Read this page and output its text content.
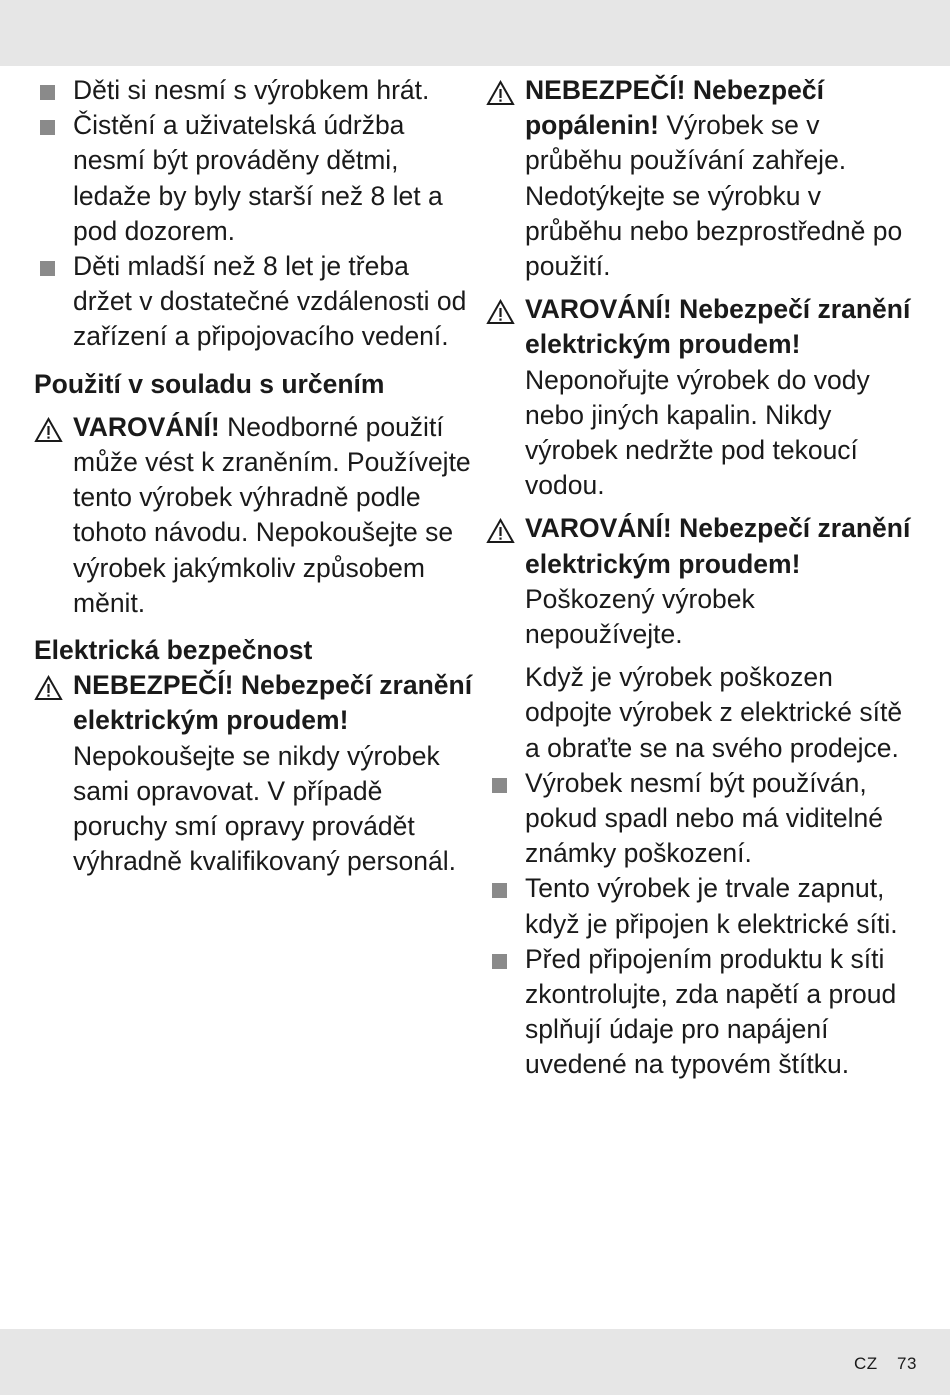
Děti si nesmí s výrobkem hrát.
Čistění a uživatelská údržba nesmí být prováděny dětmi, ledaže by byly starší než 8 let a pod dozorem.
Děti mladší než 8 let je třeba držet v dostatečné vzdálenosti od zařízení a připojovacího vedení.
Použití v souladu s určením
VAROVÁNÍ! Neodborné použití může vést k zraněním. Používejte tento výrobek výhradně podle tohoto návodu. Nepokoušejte se výrobek jakýmkoliv způsobem měnit.
Elektrická bezpečnost
NEBEZPEČÍ! Nebezpečí zranění elektrickým proudem! Nepokoušejte se nikdy výrobek sami opravovat. V případě poruchy smí opravy provádět výhradně kvalifikovaný personál.
NEBEZPEČÍ! Nebezpečí popálenin! Výrobek se v průběhu používání zahřeje. Nedotýkejte se výrobku v průběhu nebo bezprostředně po použití.
VAROVÁNÍ! Nebezpečí zranění elektrickým proudem! Neponořujte výrobek do vody nebo jiných kapalin. Nikdy výrobek nedržte pod tekoucí vodou.
VAROVÁNÍ! Nebezpečí zranění elektrickým proudem! Poškozený výrobek nepoužívejte.
Když je výrobek poškozen odpojte výrobek z elektrické sítě a obraťte se na svého prodejce.
Výrobek nesmí být používán, pokud spadl nebo má viditelné známky poškození.
Tento výrobek je trvale zapnut, když je připojen k elektrické síti.
Před připojením produktu k síti zkontrolujte, zda napětí a proud splňují údaje pro napájení uvedené na typovém štítku.
CZ 73
